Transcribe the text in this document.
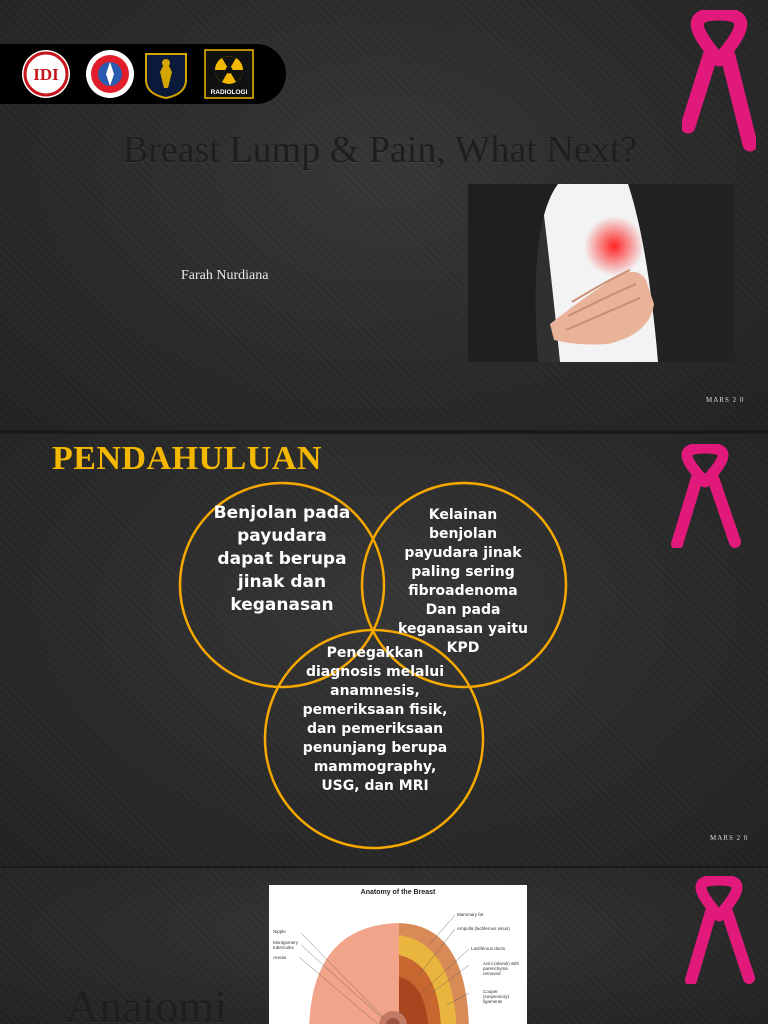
IDI
RADIOLOGI
Breast Lump & Pain, What Next?
Farah Nurdiana
MARS 2 0
PENDAHULUAN
Benjolan pada payudara dapat berupa jinak dan keganasan
Kelainan benjolan payudara jinak paling sering fibroadenoma Dan pada keganasan yaitu KPD
Penegakkan diagnosis melalui anamnesis, pemeriksaan fisik, dan pemeriksaan penunjang berupa mammography, USG, dan MRI
MARS 2 0
Anatomi
Anatomy of the Breast
Nipple
Montgomery tubercules
Areola
Mammary fat
Ampulla (lactiferous sinus)
Lactiferous ducts
Acini (alveoli) with parenchyma removed
Cooper (suspensory) ligaments
